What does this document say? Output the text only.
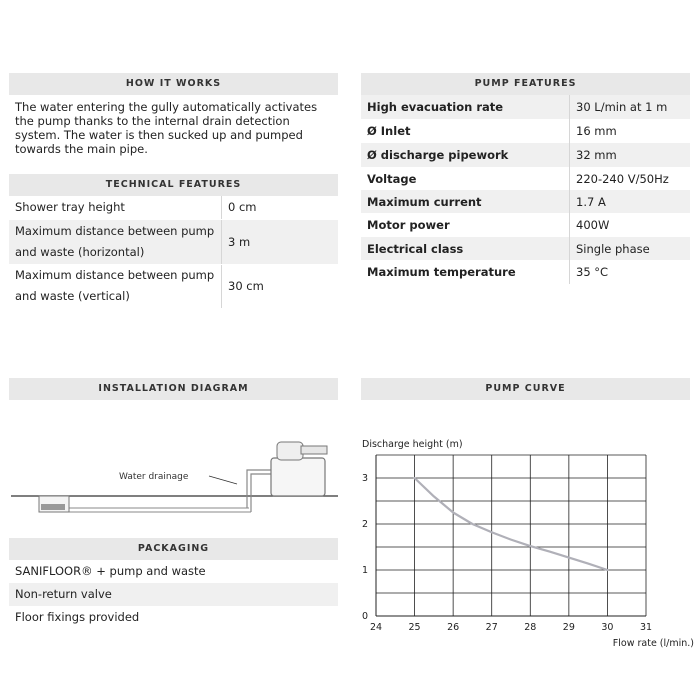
HOW IT WORKS
The water entering the gully automatically activates the pump thanks to the internal drain detection system. The water is then sucked up and pumped towards the main pipe.
TECHNICAL FEATURES
Shower tray height	0 cm
Maximum distance between pump and waste (horizontal)	3 m
Maximum distance between pump and waste (vertical)	30 cm
PUMP FEATURES
High evacuation rate	30 L/min at 1 m
Ø Inlet	16 mm
Ø discharge pipework	32 mm
Voltage	220-240 V/50Hz
Maximum current	1.7 A
Motor power	400W
Electrical class	Single phase
Maximum temperature	35 °C
INSTALLATION DIAGRAM
Water drainage
PACKAGING
SANIFLOOR® + pump and waste
Non-return valve
Floor fixings provided
PUMP CURVE
Discharge height (m)
0
1
2
3
24	25	26	27	28	29	30	31
Flow rate (l/min.)
